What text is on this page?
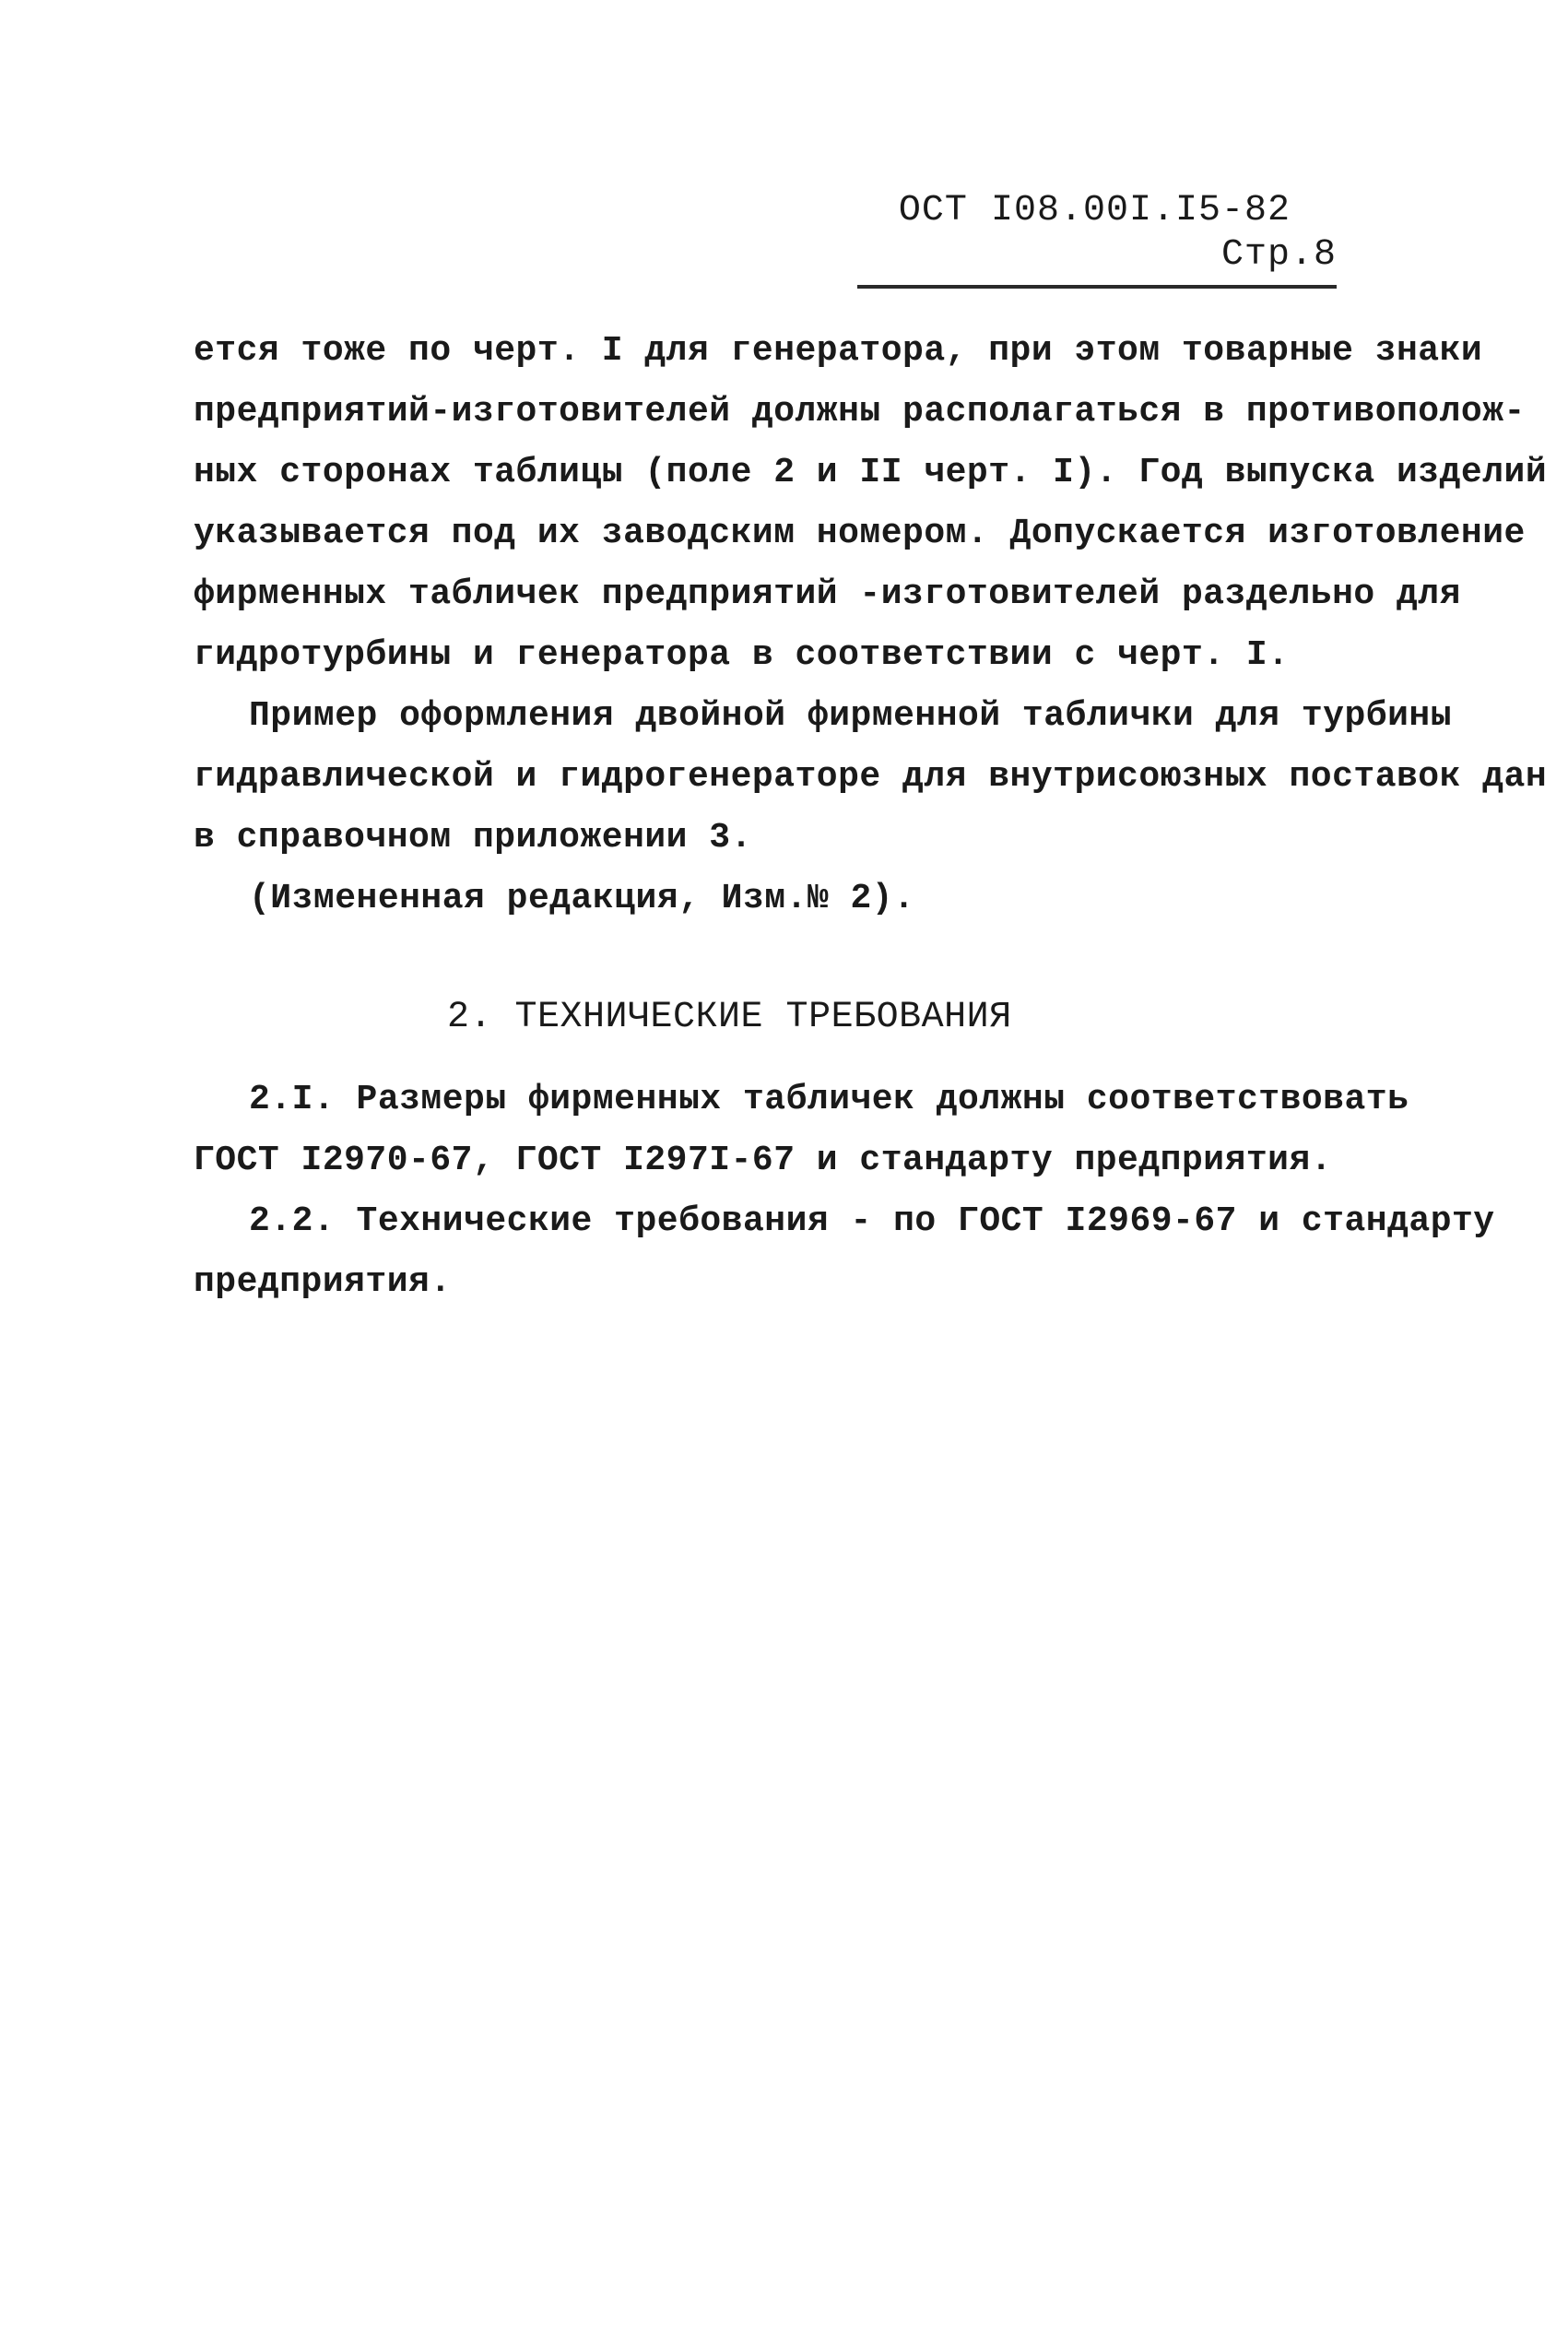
ОСТ I08.00I.I5-82Стр.8

ется тоже по черт. I для генератора, при этом товарные знаки
предприятий-изготовителей должны располагаться в противополож-
ных сторонах таблицы (поле 2 и II черт. I). Год выпуска изделий
указывается под их заводским номером. Допускается изготовление
фирменных табличек предприятий -изготовителей раздельно для
гидротурбины и генератора в соответствии с черт. I.

Пример оформления двойной фирменной таблички для турбины
гидравлической и гидрогенераторе для внутрисоюзных поставок дан
в справочном приложении 3.

(Измененная редакция, Изм.№ 2).

2. ТЕХНИЧЕСКИЕ ТРЕБОВАНИЯ

2.I. Размеры фирменных табличек должны соответствовать
ГОСТ I2970-67, ГОСТ I297I-67 и стандарту предприятия.

2.2. Технические требования - по ГОСТ I2969-67 и стандарту
предприятия.
